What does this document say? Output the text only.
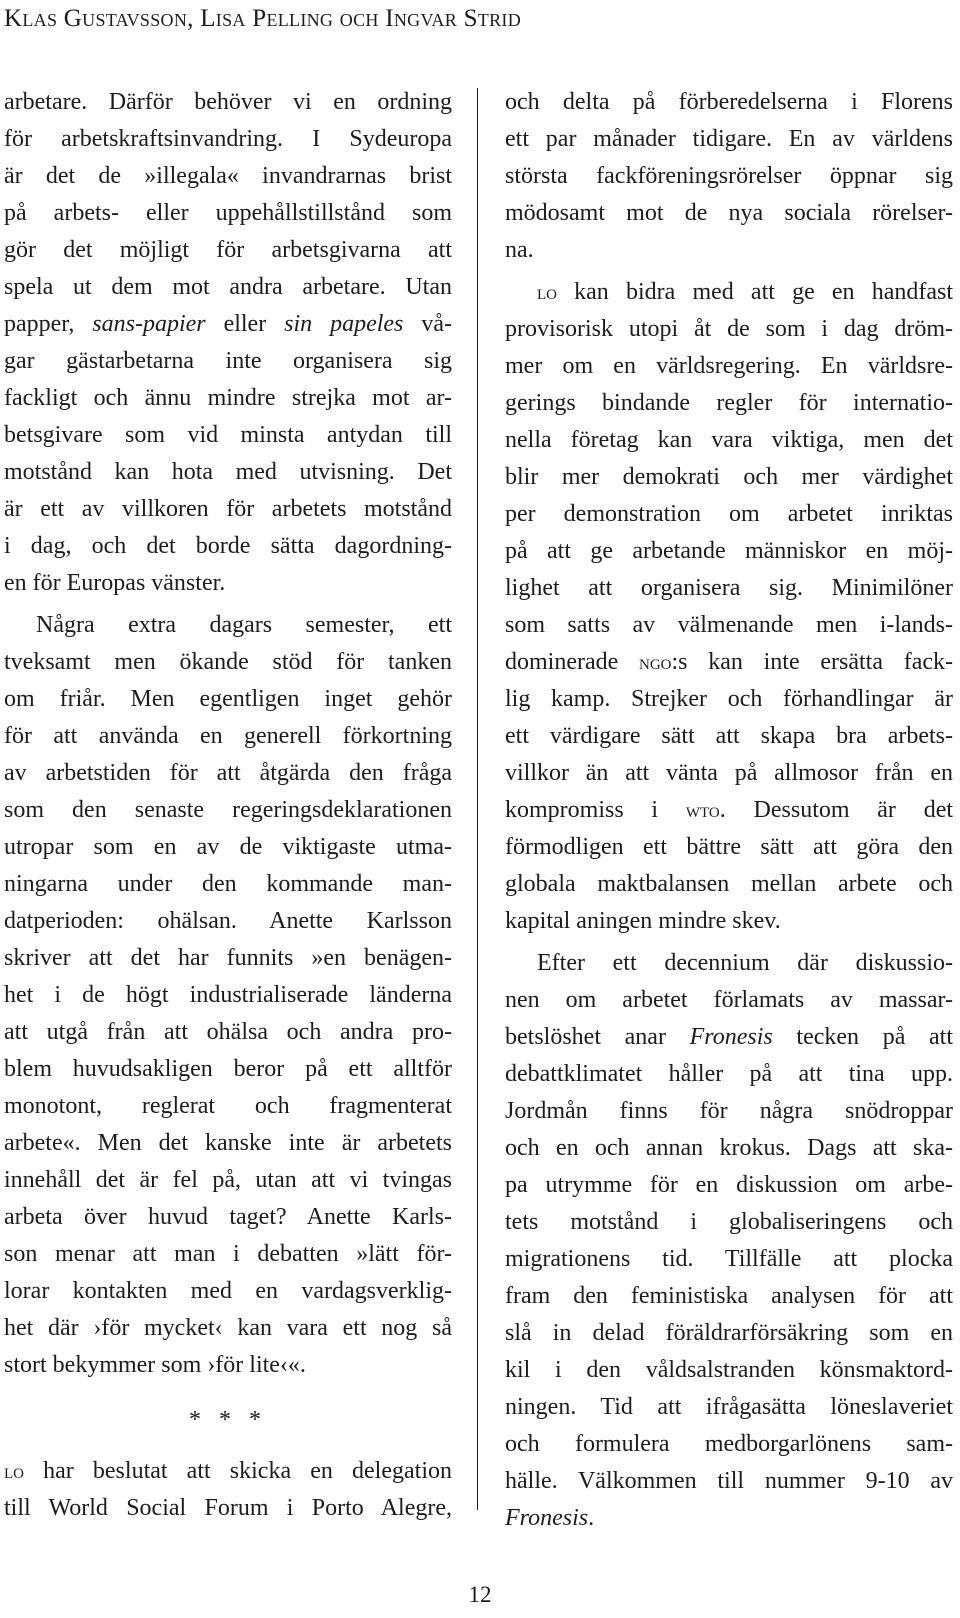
Klas Gustavsson, Lisa Pelling och Ingvar Strid
arbetare. Därför behöver vi en ordning
för arbetskraftsinvandring. I Sydeuropa
är det de »illegala« invandrarnas brist
på arbets- eller uppehållstillstånd som
gör det möjligt för arbetsgivarna att
spela ut dem mot andra arbetare. Utan
papper, sans-papier eller sin papeles vå-
gar gästarbetarna inte organisera sig
fackligt och ännu mindre strejka mot ar-
betsgivare som vid minsta antydan till
motstånd kan hota med utvisning. Det
är ett av villkoren för arbetets motstånd
i dag, och det borde sätta dagordning-
en för Europas vänster.
Några extra dagars semester, ett
tveksamt men ökande stöd för tanken
om friår. Men egentligen inget gehör
för att använda en generell förkortning
av arbetstiden för att åtgärda den fråga
som den senaste regeringsdeklarationen
utropar som en av de viktigaste utma-
ningarna under den kommande man-
datperioden: ohälsan. Anette Karlsson
skriver att det har funnits »en benägen-
het i de högt industrialiserade länderna
att utgå från att ohälsa och andra pro-
blem huvudsakligen beror på ett alltför
monotont, reglerat och fragmenterat
arbete«. Men det kanske inte är arbetets
innehåll det är fel på, utan att vi tvingas
arbeta över huvud taget? Anette Karls-
son menar att man i debatten »lätt för-
lorar kontakten med en vardagsverklig-
het där ›för mycket‹ kan vara ett nog så
stort bekymmer som ›för lite‹«.
* * *
lo har beslutat att skicka en delegation
till World Social Forum i Porto Alegre,
och delta på förberedelserna i Florens
ett par månader tidigare. En av världens
största fackföreningsrörelser öppnar sig
mödosamt mot de nya sociala rörelser-
na.
lo kan bidra med att ge en handfast
provisorisk utopi åt de som i dag dröm-
mer om en världsregering. En världsre-
gerings bindande regler för internatio-
nella företag kan vara viktiga, men det
blir mer demokrati och mer värdighet
per demonstration om arbetet inriktas
på att ge arbetande människor en möj-
lighet att organisera sig. Minimilöner
som satts av välmenande men i-lands-
dominerade ngo:s kan inte ersätta fack-
lig kamp. Strejker och förhandlingar är
ett värdigare sätt att skapa bra arbets-
villkor än att vänta på allmosor från en
kompromiss i wto. Dessutom är det
förmodligen ett bättre sätt att göra den
globala maktbalansen mellan arbete och
kapital aningen mindre skev.
Efter ett decennium där diskussio-
nen om arbetet förlamats av massar-
betslöshet anar Fronesis tecken på att
debattklimatet håller på att tina upp.
Jordmån finns för några snödroppar
och en och annan krokus. Dags att ska-
pa utrymme för en diskussion om arbe-
tets motstånd i globaliseringens och
migrationens tid. Tillfälle att plocka
fram den feministiska analysen för att
slå in delad föräldrarförsäkring som en
kil i den våldsalstranden könsmaktord-
ningen. Tid att ifrågasätta löneslaveriet
och formulera medborgarlönens sam-
hälle. Välkommen till nummer 9-10 av
Fronesis.
12
